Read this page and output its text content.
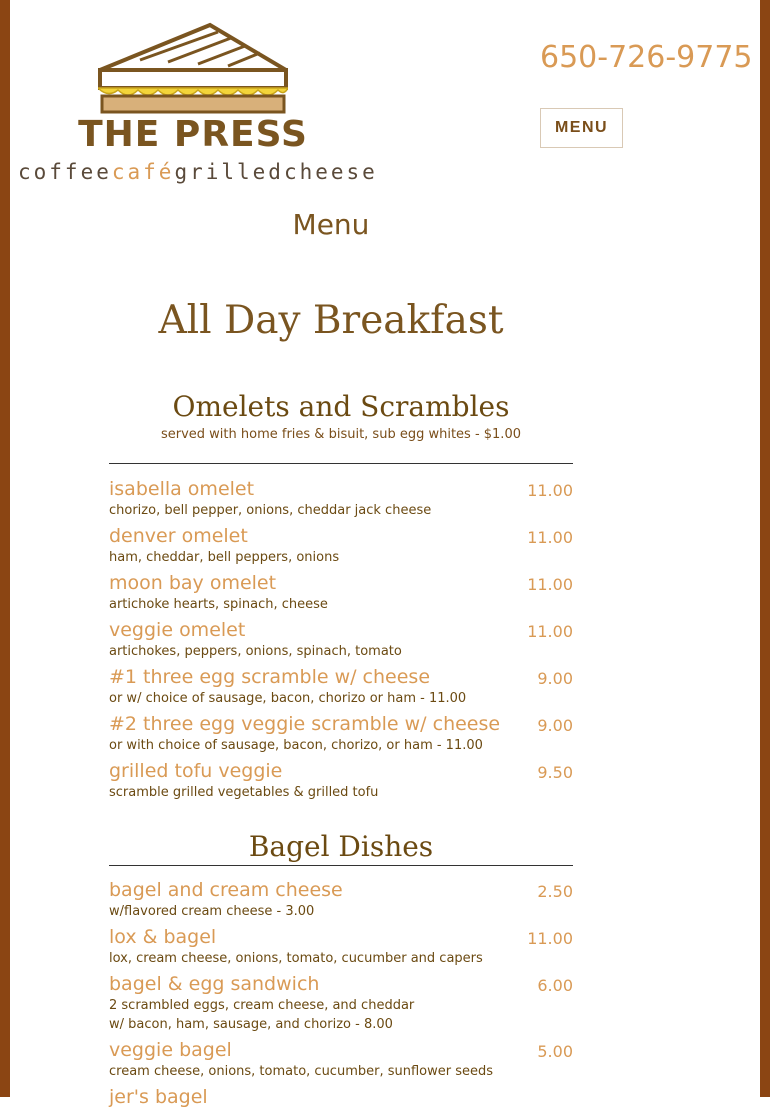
THE PRESS
coffeecafégrilledcheese
650-726-9775
MENU
Menu
All Day Breakfast
Omelets and Scrambles
served with home fries & bisuit, sub egg whites - $1.00
isabella omelet
chorizo, bell pepper, onions, cheddar jack cheese
11.00
denver omelet
ham, cheddar, bell peppers, onions
11.00
moon bay omelet
artichoke hearts, spinach, cheese
11.00
veggie omelet
artichokes, peppers, onions, spinach, tomato
11.00
#1 three egg scramble w/ cheese
or w/ choice of sausage, bacon, chorizo or ham - 11.00
9.00
#2 three egg veggie scramble w/ cheese
or with choice of sausage, bacon, chorizo, or ham - 11.00
9.00
grilled tofu veggie
scramble grilled vegetables & grilled tofu
9.50
Bagel Dishes
bagel and cream cheese
w/flavored cream cheese - 3.00
2.50
lox & bagel
lox, cream cheese, onions, tomato, cucumber and capers
11.00
bagel & egg sandwich
2 scrambled eggs, cream cheese, and cheddar
w/ bacon, ham, sausage, and chorizo - 8.00
6.00
veggie bagel
cream cheese, onions, tomato, cucumber, sunflower seeds
5.00
jer's bagel
